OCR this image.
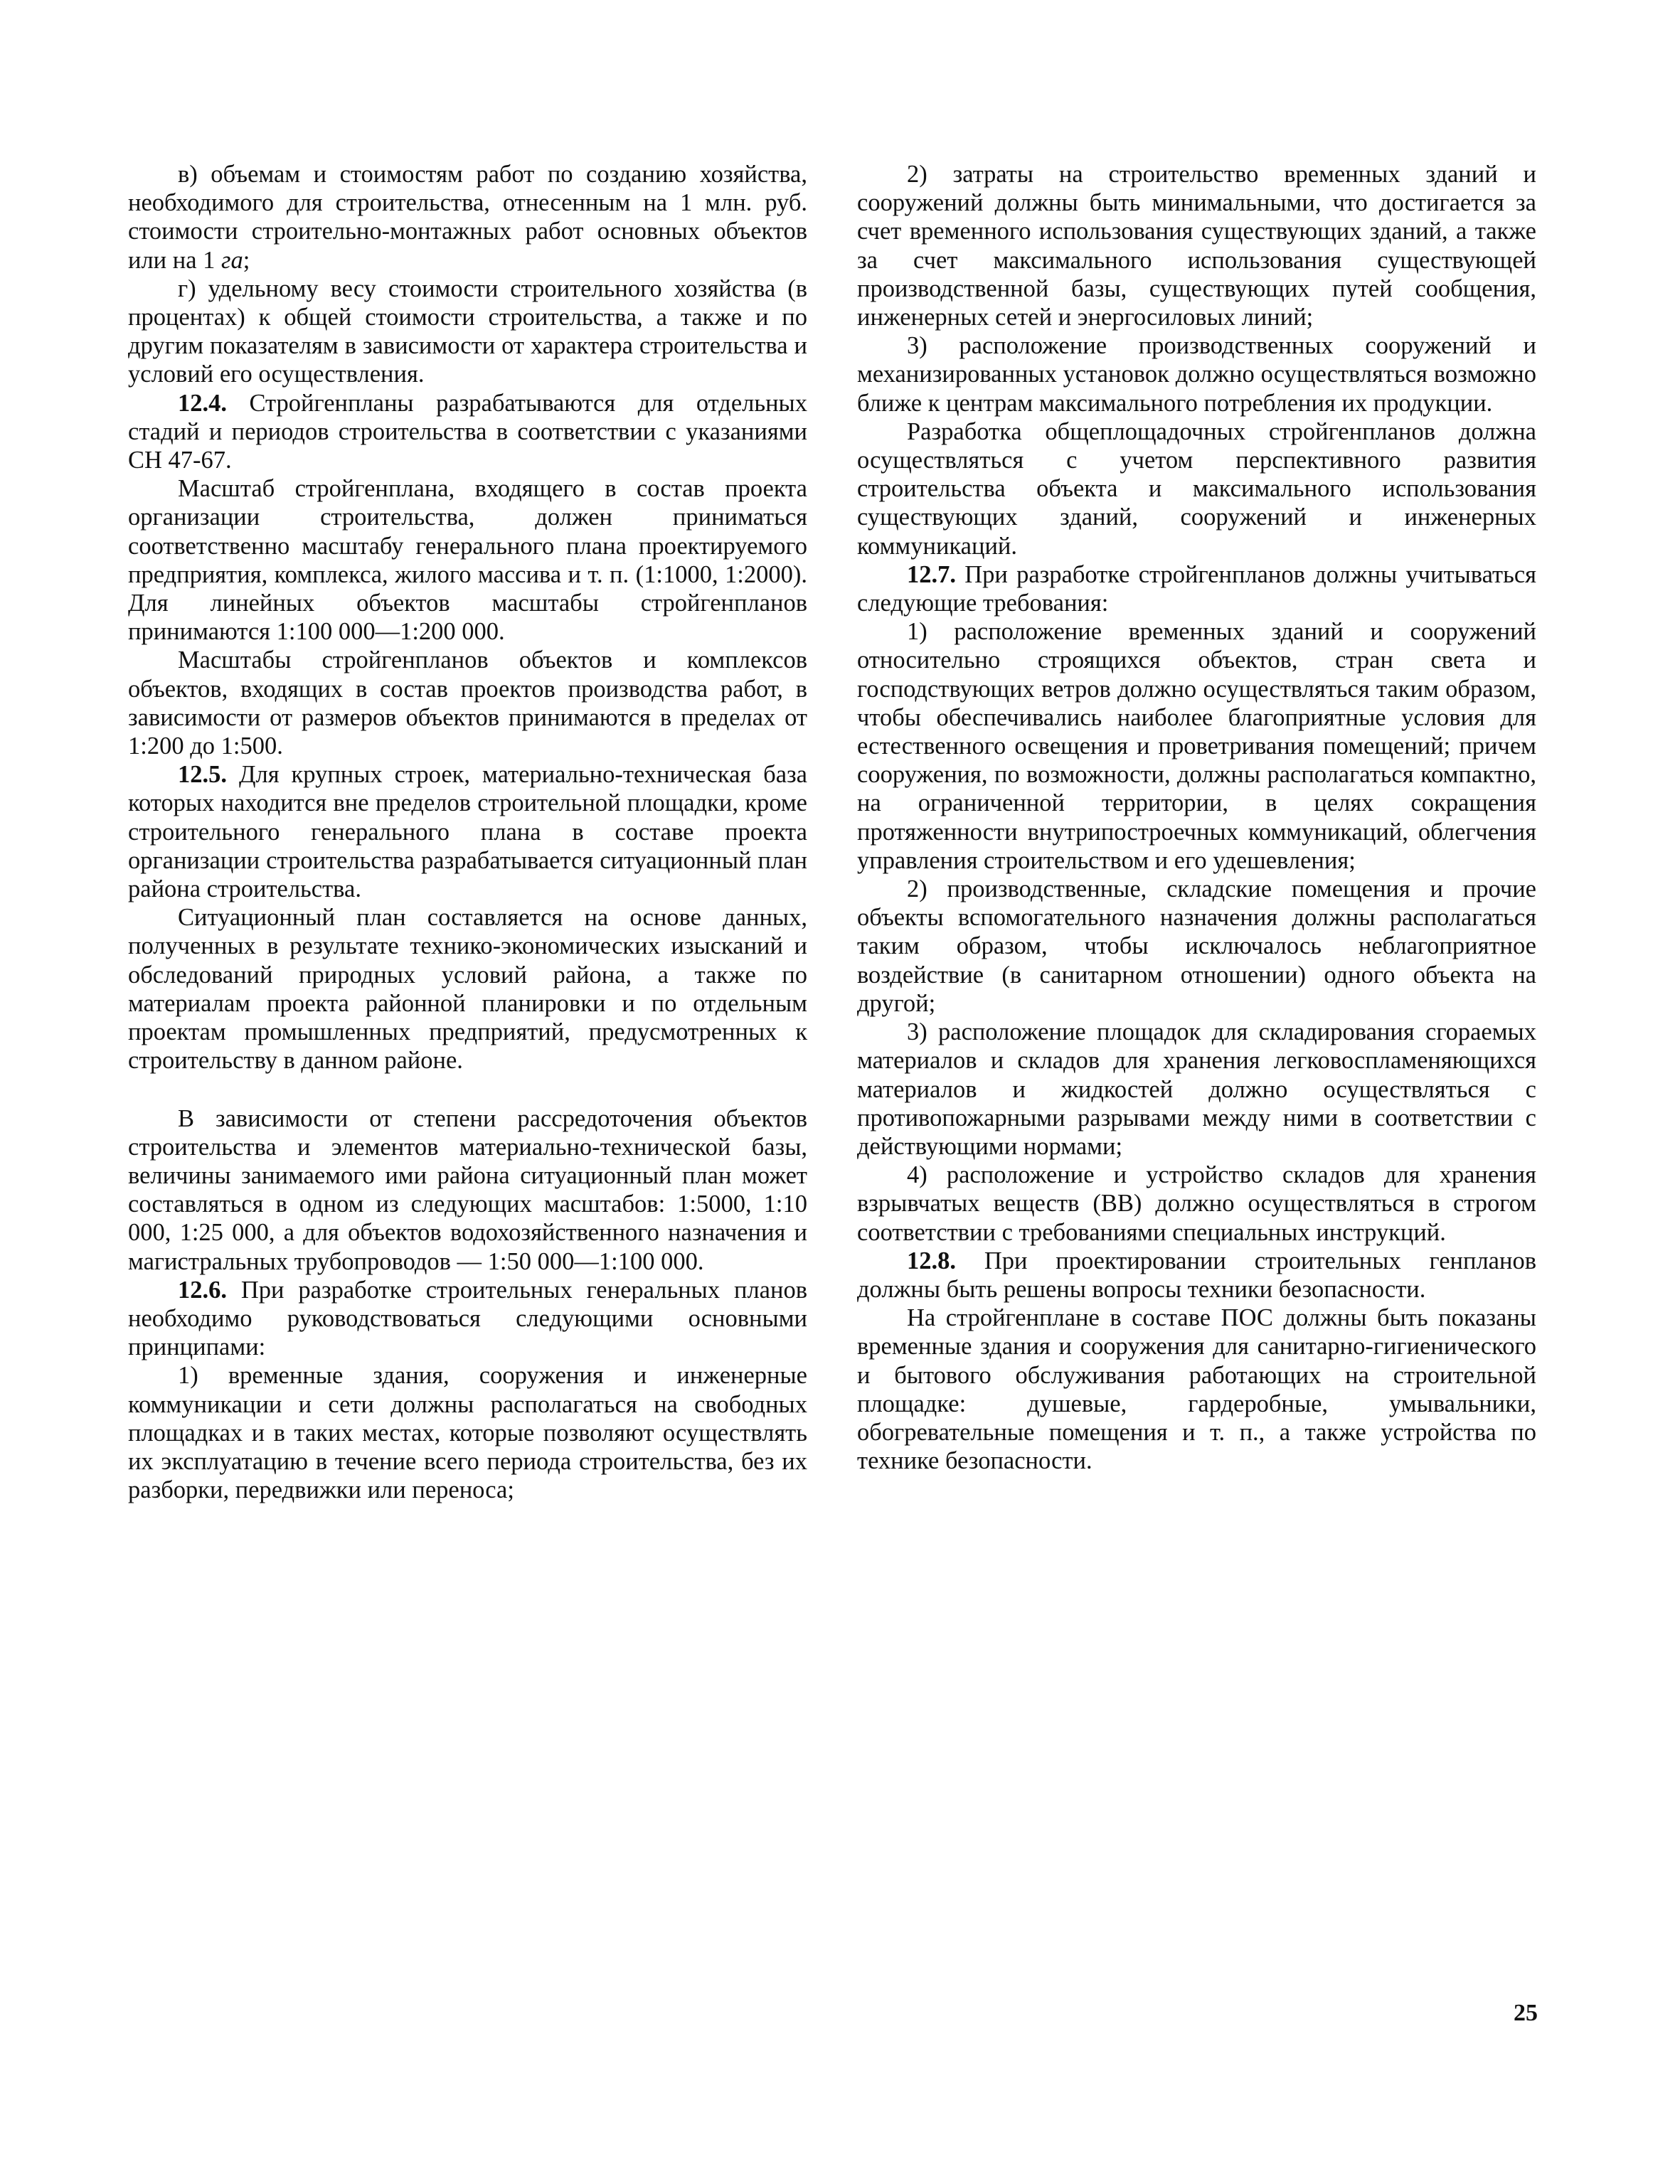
в) объемам и стоимостям работ по созданию хозяйства, необходимого для строительства, отнесенным на 1 млн. руб. стоимости строительно-монтажных работ основных объектов или на 1 га;

г) удельному весу стоимости строительного хозяйства (в процентах) к общей стоимости строительства, а также и по другим показателям в зависимости от характера строительства и условий его осуществления.

12.4. Стройгенпланы разрабатываются для отдельных стадий и периодов строительства в соответствии с указаниями СН 47-67.

Масштаб стройгенплана, входящего в состав проекта организации строительства, должен приниматься соответственно масштабу генерального плана проектируемого предприятия, комплекса, жилого массива и т. п. (1:1000, 1:2000). Для линейных объектов масштабы стройгенпланов принимаются 1:100 000—1:200 000.

Масштабы стройгенпланов объектов и комплексов объектов, входящих в состав проектов производства работ, в зависимости от размеров объектов принимаются в пределах от 1:200 до 1:500.

12.5. Для крупных строек, материально-техническая база которых находится вне пределов строительной площадки, кроме строительного генерального плана в составе проекта организации строительства разрабатывается ситуационный план района строительства.

Ситуационный план составляется на основе данных, полученных в результате технико-экономических изысканий и обследований природных условий района, а также по материалам проекта районной планировки и по отдельным проектам промышленных предприятий, предусмотренных к строительству в данном районе.

В зависимости от степени рассредоточения объектов строительства и элементов материально-технической базы, величины занимаемого ими района ситуационный план может составляться в одном из следующих масштабов: 1:5000, 1:10 000, 1:25 000, а для объектов водохозяйственного назначения и магистральных трубопроводов — 1:50 000—1:100 000.

12.6. При разработке строительных генеральных планов необходимо руководствоваться следующими основными принципами:

1) временные здания, сооружения и инженерные коммуникации и сети должны располагаться на свободных площадках и в таких местах, которые позволяют осуществлять их эксплуатацию в течение всего периода строительства, без их разборки, передвижки или переноса;

2) затраты на строительство временных зданий и сооружений должны быть минимальными, что достигается за счет временного использования существующих зданий, а также за счет максимального использования существующей производственной базы, существующих путей сообщения, инженерных сетей и энергосиловых линий;

3) расположение производственных сооружений и механизированных установок должно осуществляться возможно ближе к центрам максимального потребления их продукции.

Разработка общеплощадочных стройгенпланов должна осуществляться с учетом перспективного развития строительства объекта и максимального использования существующих зданий, сооружений и инженерных коммуникаций.

12.7. При разработке стройгенпланов должны учитываться следующие требования:

1) расположение временных зданий и сооружений относительно строящихся объектов, стран света и господствующих ветров должно осуществляться таким образом, чтобы обеспечивались наиболее благоприятные условия для естественного освещения и проветривания помещений; причем сооружения, по возможности, должны располагаться компактно, на ограниченной территории, в целях сокращения протяженности внутрипостроечных коммуникаций, облегчения управления строительством и его удешевления;

2) производственные, складские помещения и прочие объекты вспомогательного назначения должны располагаться таким образом, чтобы исключалось неблагоприятное воздействие (в санитарном отношении) одного объекта на другой;

3) расположение площадок для складирования сгораемых материалов и складов для хранения легковоспламеняющихся материалов и жидкостей должно осуществляться с противопожарными разрывами между ними в соответствии с действующими нормами;

4) расположение и устройство складов для хранения взрывчатых веществ (ВВ) должно осуществляться в строгом соответствии с требованиями специальных инструкций.

12.8. При проектировании строительных генпланов должны быть решены вопросы техники безопасности.

На стройгенплане в составе ПОС должны быть показаны временные здания и сооружения для санитарно-гигиенического и бытового обслуживания работающих на строительной площадке: душевые, гардеробные, умывальники, обогревательные помещения и т. п., а также устройства по технике безопасности.

25
